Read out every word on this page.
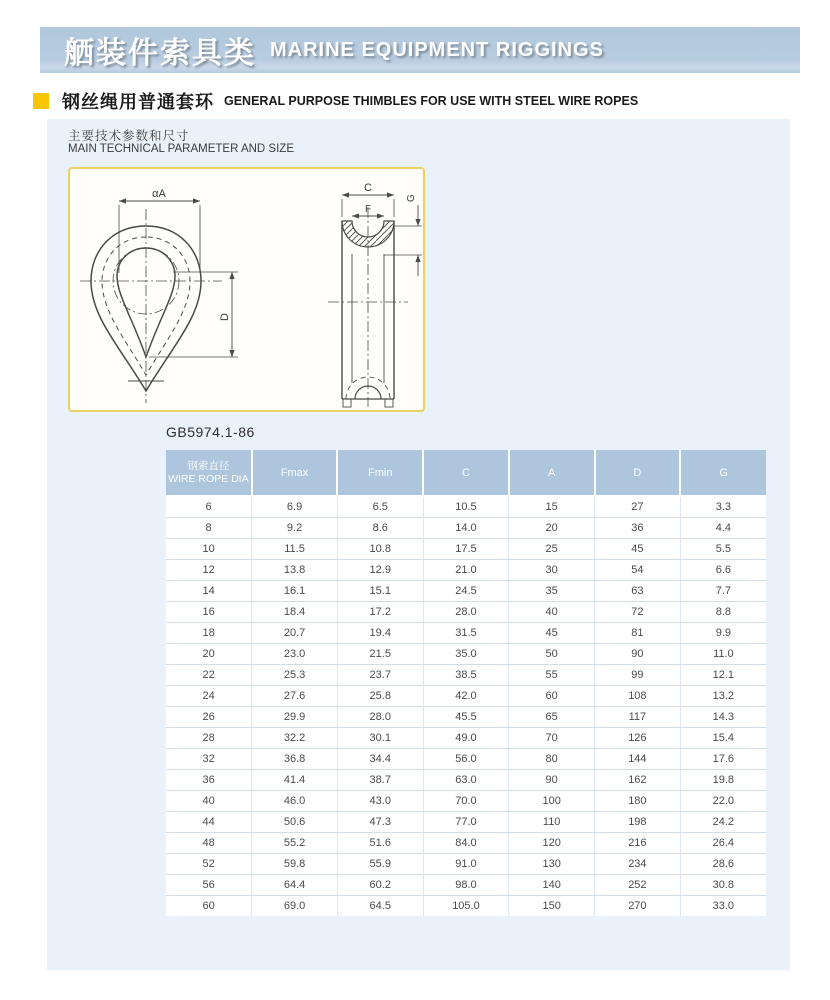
舾装件索具类 MARINE EQUIPMENT RIGGINGS
钢丝绳用普通套环 GENERAL PURPOSE THIMBLES FOR USE WITH STEEL WIRE ROPES
主要技术参数和尺寸
MAIN TECHNICAL PARAMETER AND SIZE
αA
D
C
F
G
GB5974.1-86
钢索直径
WIRE ROPE DIA	Fmax	Fmin	C	A	D	G
6	6.9	6.5	10.5	15	27	3.3
8	9.2	8.6	14.0	20	36	4.4
10	11.5	10.8	17.5	25	45	5.5
12	13.8	12.9	21.0	30	54	6.6
14	16.1	15.1	24.5	35	63	7.7
16	18.4	17.2	28.0	40	72	8.8
18	20.7	19.4	31.5	45	81	9.9
20	23.0	21.5	35.0	50	90	11.0
22	25.3	23.7	38.5	55	99	12.1
24	27.6	25.8	42.0	60	108	13.2
26	29.9	28.0	45.5	65	117	14.3
28	32.2	30.1	49.0	70	126	15.4
32	36.8	34.4	56.0	80	144	17.6
36	41.4	38.7	63.0	90	162	19.8
40	46.0	43.0	70.0	100	180	22.0
44	50.6	47.3	77.0	110	198	24.2
48	55.2	51.6	84.0	120	216	26.4
52	59.8	55.9	91.0	130	234	28.6
56	64.4	60.2	98.0	140	252	30.8
60	69.0	64.5	105.0	150	270	33.0
